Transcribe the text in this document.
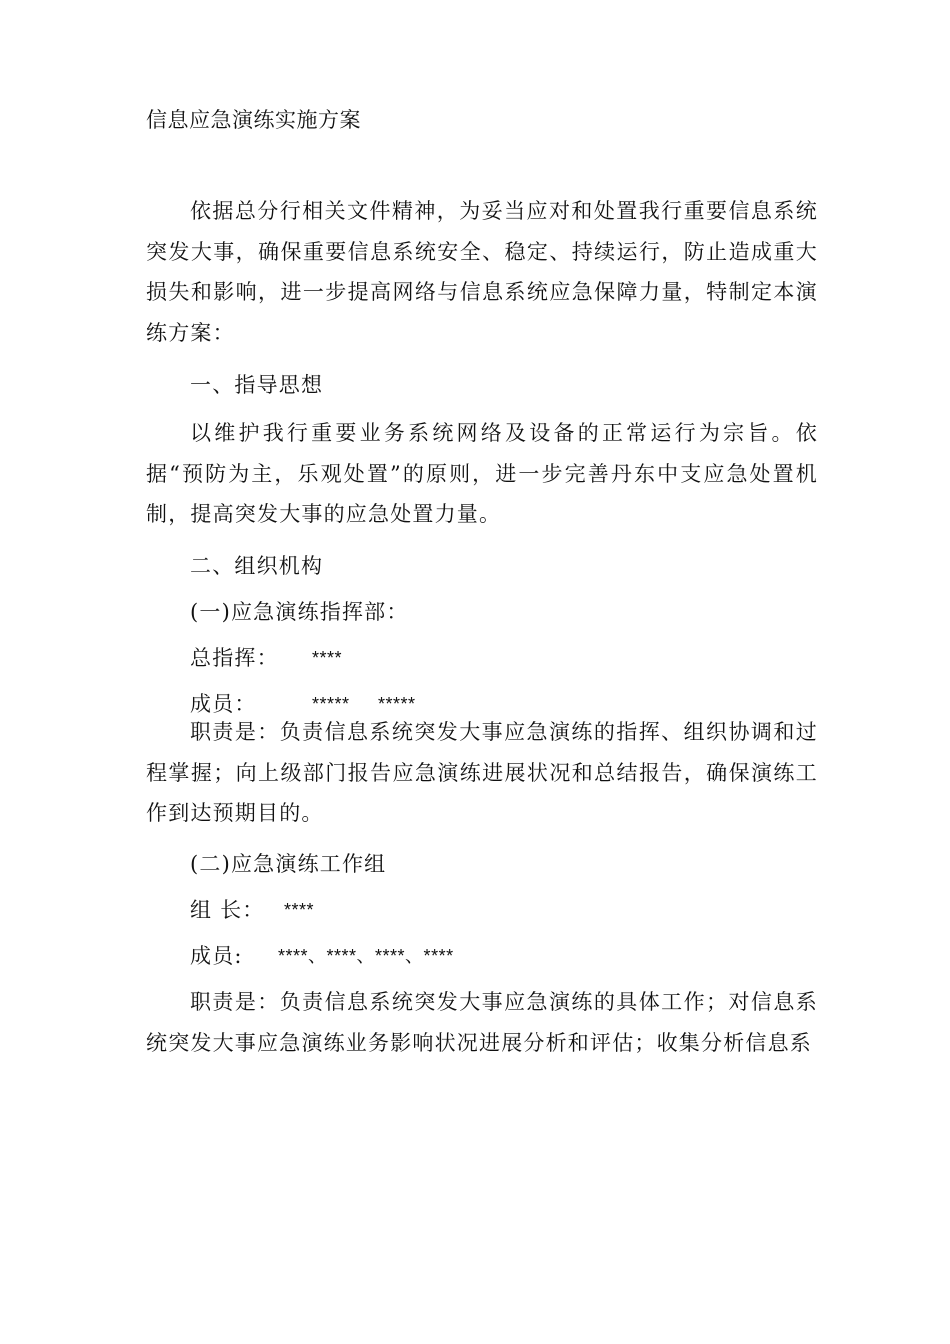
信息应急演练实施方案

依据总分行相关文件精神，为妥当应对和处置我行重要信息系统突发大事，确保重要信息系统安全、稳定、持续运行，防止造成重大损失和影响，进一步提高网络与信息系统应急保障力量，特制定本演练方案：

一、指导思想

以维护我行重要业务系统网络及设备的正常运行为宗旨。依据“预防为主，乐观处置”的原则，进一步完善丹东中支应急处置机制，提高突发大事的应急处置力量。

二、组织机构
(一)应急演练指挥部：
总指挥： ****
成员：	***** *****

职责是：负责信息系统突发大事应急演练的指挥、组织协调和过程掌握；向上级部门报告应急演练进展状况和总结报告，确保演练工作到达预期目的。

(二)应急演练工作组
组 长： ****
成员: ****、****、****、****

职责是：负责信息系统突发大事应急演练的具体工作；对信息系统突发大事应急演练业务影响状况进展分析和评估；收集分析信息系
